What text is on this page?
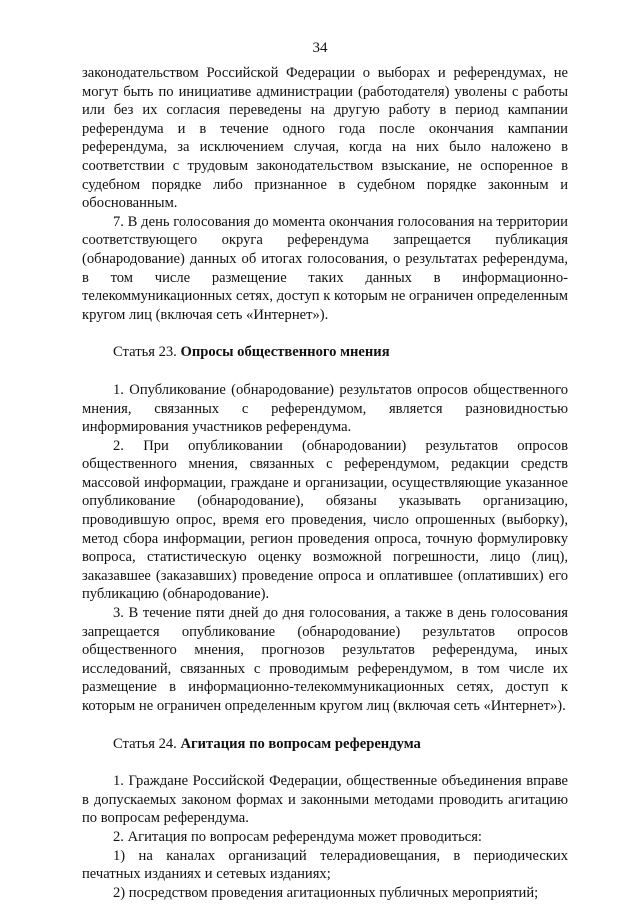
34

законодательством Российской Федерации о выборах и референдумах, не могут быть по инициативе администрации (работодателя) уволены с работы или без их согласия переведены на другую работу в период кампании референдума и в течение одного года после окончания кампании референдума, за исключением случая, когда на них было наложено в соответствии с трудовым законодательством взыскание, не оспоренное в судебном порядке либо признанное в судебном порядке законным и обоснованным.

7. В день голосования до момента окончания голосования на территории соответствующего округа референдума запрещается публикация (обнародование) данных об итогах голосования, о результатах референдума, в том числе размещение таких данных в информационно-телекоммуникационных сетях, доступ к которым не ограничен определенным кругом лиц (включая сеть «Интернет»).

Статья 23. Опросы общественного мнения

1. Опубликование (обнародование) результатов опросов общественного мнения, связанных с референдумом, является разновидностью информирования участников референдума.

2. При опубликовании (обнародовании) результатов опросов общественного мнения, связанных с референдумом, редакции средств массовой информации, граждане и организации, осуществляющие указанное опубликование (обнародование), обязаны указывать организацию, проводившую опрос, время его проведения, число опрошенных (выборку), метод сбора информации, регион проведения опроса, точную формулировку вопроса, статистическую оценку возможной погрешности, лицо (лиц), заказавшее (заказавших) проведение опроса и оплатившее (оплативших) его публикацию (обнародование).

3. В течение пяти дней до дня голосования, а также в день голосования запрещается опубликование (обнародование) результатов опросов общественного мнения, прогнозов результатов референдума, иных исследований, связанных с проводимым референдумом, в том числе их размещение в информационно-телекоммуникационных сетях, доступ к которым не ограничен определенным кругом лиц (включая сеть «Интернет»).

Статья 24. Агитация по вопросам референдума

1. Граждане Российской Федерации, общественные объединения вправе в допускаемых законом формах и законными методами проводить агитацию по вопросам референдума.

2. Агитация по вопросам референдума может проводиться:

1) на каналах организаций телерадиовещания, в периодических печатных изданиях и сетевых изданиях;

2) посредством проведения агитационных публичных мероприятий;
